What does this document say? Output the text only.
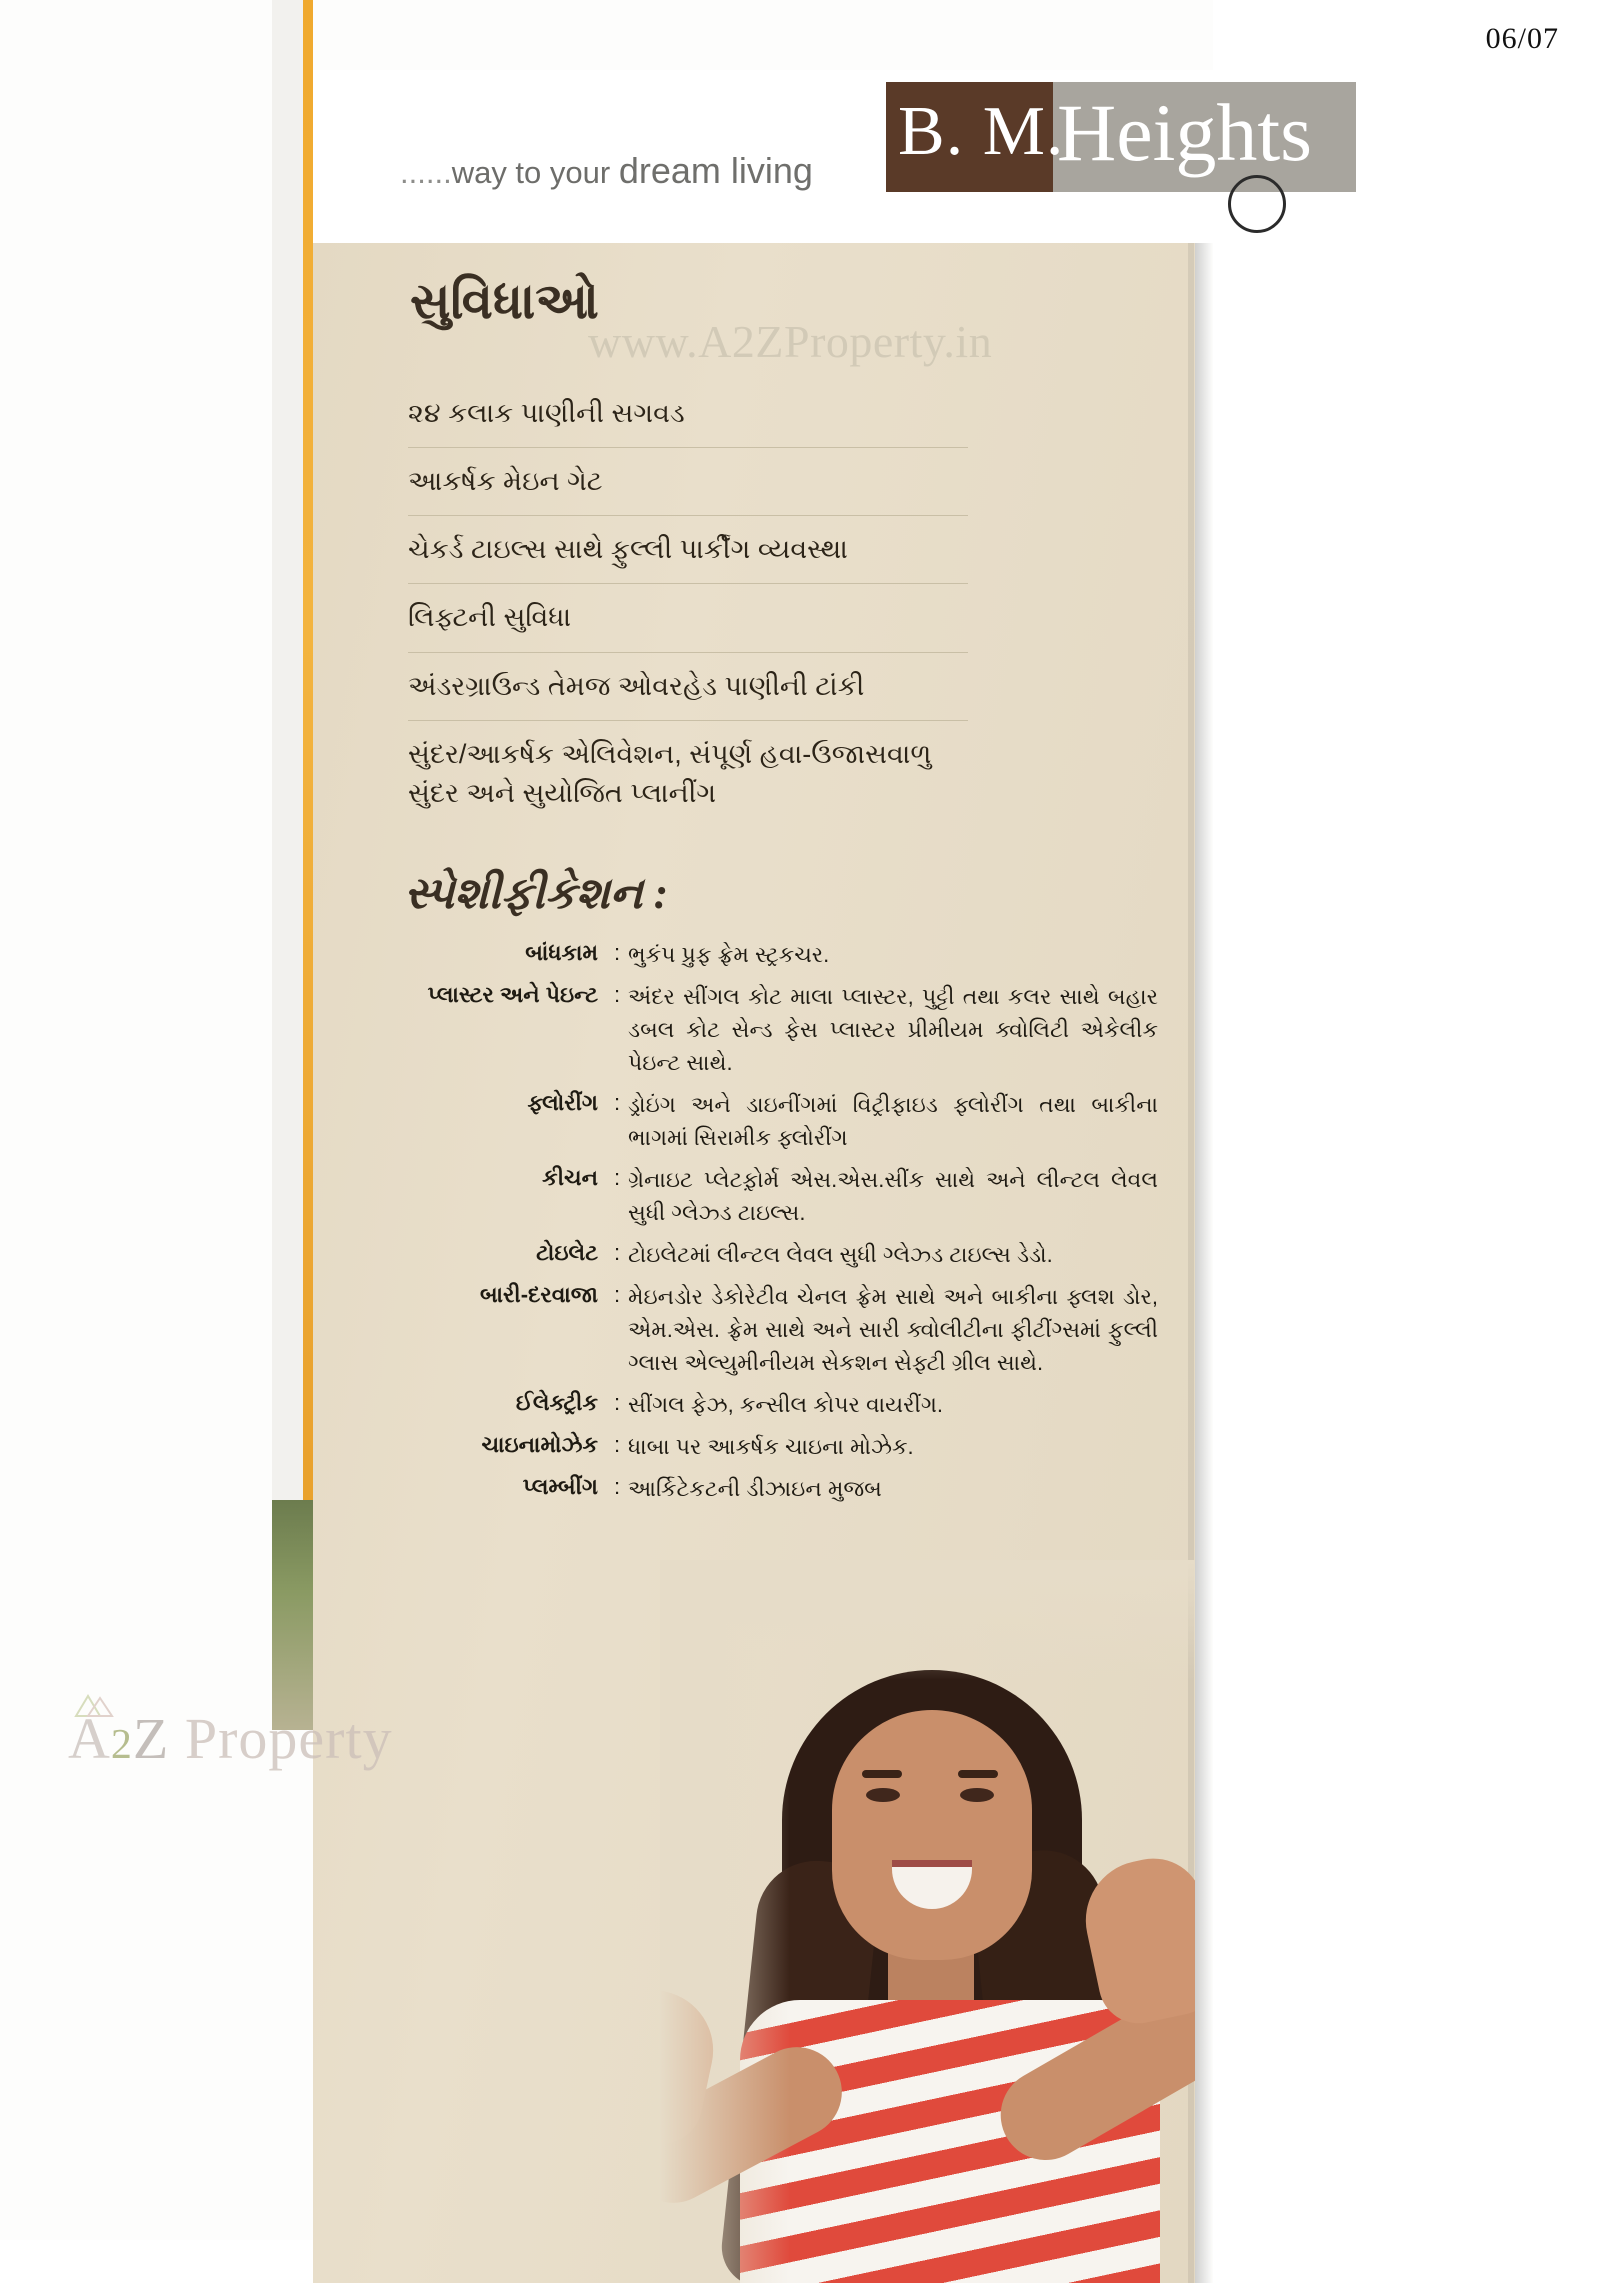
06/07
......way to your dream living
B. M.
Heights
www.A2ZProperty.in
સુવિધાઓ
૨૪ કલાક પાણીની સગવડ
આકર્ષક મેઇન ગેટ
ચેકર્ડ ટાઇલ્સ સાથે ફુલ્લી પાર્કીંગ વ્યવસ્થા
લિફ્ટની સુવિધા
અંડરગ્રાઉન્ડ તેમજ ઓવરહેડ પાણીની ટાંકી
સુંદર/આકર્ષક એલિવેશન, સંપૂર્ણ હવા-ઉજાસવાળુ સુંદર અને સુયોજિત પ્લાનીંગ
સ્પેશીફીકેશન :
બાંધકામ : ભુકંપ પ્રુફ ફ્રેમ સ્ટ્રકચર.
પ્લાસ્ટર અને પેઇન્ટ : અંદર સીંગલ કોટ માલા પ્લાસ્ટર, પુટ્ટી તથા કલર સાથે બહાર ડબલ કોટ સેન્ડ ફેસ પ્લાસ્ટર પ્રીમીયમ ક્વોલિટી એકેલીક પેઇન્ટ સાથે.
ફ્લોરીંગ : ડ્રોઇંગ અને ડાઇનીંગમાં વિટ્રીફાઇડ ફ્લોરીંગ તથા બાકીના ભાગમાં સિરામીક ફ્લોરીંગ
કીચન : ગ્રેનાઇટ પ્લેટફ઼ોર્મ એસ.એસ.સીંક સાથે અને લીન્ટલ લેવલ સુધી ગ્લેઝ્ડ ટાઇલ્સ.
ટોઇલેટ : ટોઇલેટમાં લીન્ટલ લેવલ સુધી ગ્લેઝ્ડ ટાઇલ્સ ડેડો.
બારી-દરવાજા : મેઇનડોર ડેકોરેટીવ ચેનલ ફ્રેમ સાથે અને બાકીના ફ્લશ ડોર, એમ.એસ. ફ્રેમ સાથે અને સારી ક્વોલીટીના ફીટીંગ્સમાં ફુલ્લી ગ્લાસ એલ્યુમીનીયમ સેકશન સેફ્ટી ગ્રીલ સાથે.
ઈલેક્ટ્રીક : સીંગલ ફેઝ, કન્સીલ કોપર વાયરીંગ.
ચાઇનામોઝેક : ધાબા પર આકર્ષક ચાઇના મોઝેક.
પ્લમ્બીંગ : આર્કિટેકટની ડીઝાઇન મુજબ
A2Z Property
